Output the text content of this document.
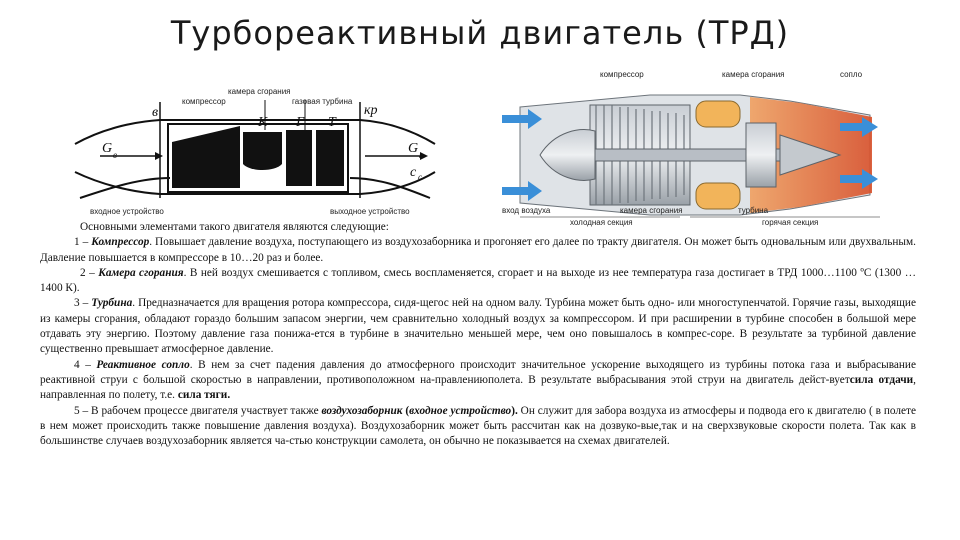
Турбореактивный двигатель (ТРД)
камера сгорания
компрессор	газовая турбина
входное устройство	выходное устройство
в
К Г Т
кр
G в	G г
c c
компрессор	камера сгорания	сопло
вход воздуха
холодная секция
камера сгорания	турбина
горячая секция

Основными элементами такого двигателя являются следующие:

1 – Компрессор. Повышает давление воздуха, поступающего из воздухозаборника и прогоняет его далее по тракту двигателя. Он может быть одновальным или двухвальным. Давление повышается в компрессоре в 10…20 раз и более.

2 – Камера сгорания. В ней воздух смешивается с топливом, смесь воспламеняется, сгорает и на выходе из нее температура газа достигает в ТРД 1000…1100 ºС (1300 …1400 К).

3 – Турбина. Предназначается для вращения ротора компрессора, сидя-щегос ней на одном валу. Турбина может быть одно- или многоступенчатой. Горячие газы, выходящие из камеры сгорания, обладают гораздо большим запасом энергии, чем сравнительно холодный воздух за компрессором. И при расширении в турбине способен в большой мере отдавать эту энергию. Поэтому давление газа понижа-ется в турбине в значительно меньшей мере, чем оно повышалось в компрес-соре. В результате за турбиной давление существенно превышает атмосферное давление.

4 – Реактивное сопло. В нем за счет падения давления до атмосферного происходит значительное ускорение выходящего из турбины потока газа и выбрасывание реактивной струи с большой скоростью в направлении, противоположном на-правлениюполета. В результате выбрасывания этой струи на двигатель дейст-вуетсила отдачи, направленная по полету, т.е. сила тяги.

5 – В рабочем процессе двигателя участвует также воздухозаборник (входное устройство). Он служит для забора воздуха из атмосферы и подвода его к двигателю ( в полете в нем может происходить также повышение давления воздуха). Воздухозаборник может быть рассчитан как на дозвуко-вые,так и на сверхзвуковые скорости полета. Так как в большинстве случаев воздухозаборник является ча-стью конструкции самолета, он обычно не показывается на схемах двигателей.
